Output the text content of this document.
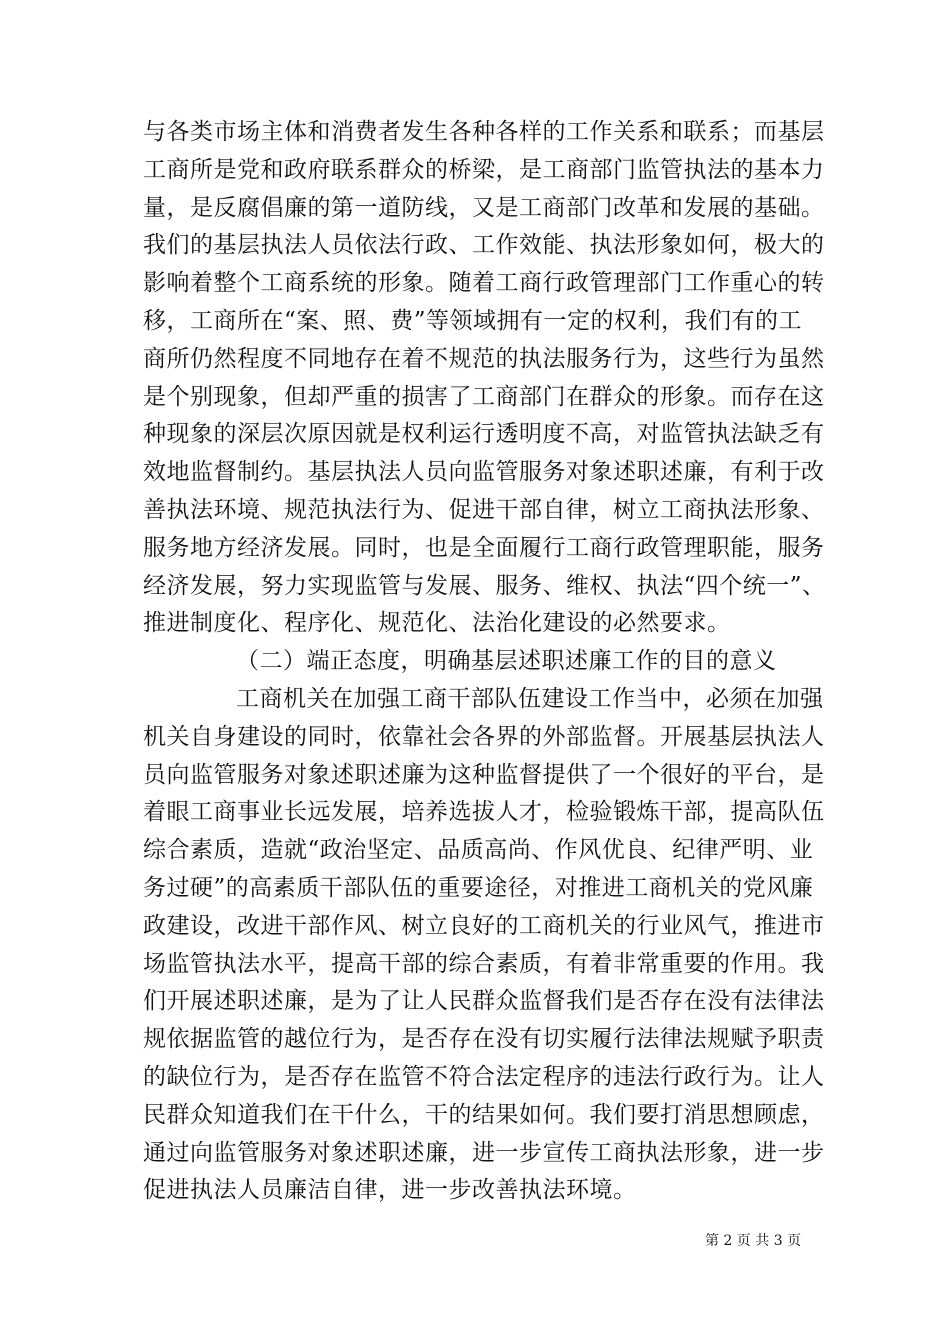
与各类市场主体和消费者发生各种各样的工作关系和联系；而基层
工商所是党和政府联系群众的桥梁，是工商部门监管执法的基本力
量，是反腐倡廉的第一道防线，又是工商部门改革和发展的基础。
我们的基层执法人员依法行政、工作效能、执法形象如何，极大的
影响着整个工商系统的形象。随着工商行政管理部门工作重心的转
移，工商所在“案、照、费”等领域拥有一定的权利，我们有的工
商所仍然程度不同地存在着不规范的执法服务行为，这些行为虽然
是个别现象，但却严重的损害了工商部门在群众的形象。而存在这
种现象的深层次原因就是权利运行透明度不高，对监管执法缺乏有
效地监督制约。基层执法人员向监管服务对象述职述廉，有利于改
善执法环境、规范执法行为、促进干部自律，树立工商执法形象、
服务地方经济发展。同时，也是全面履行工商行政管理职能，服务
经济发展，努力实现监管与发展、服务、维权、执法“四个统一”、
推进制度化、程序化、规范化、法治化建设的必然要求。
（二）端正态度，明确基层述职述廉工作的目的意义
工商机关在加强工商干部队伍建设工作当中，必须在加强
机关自身建设的同时，依靠社会各界的外部监督。开展基层执法人
员向监管服务对象述职述廉为这种监督提供了一个很好的平台，是
着眼工商事业长远发展，培养选拔人才，检验锻炼干部，提高队伍
综合素质，造就“政治坚定、品质高尚、作风优良、纪律严明、业
务过硬”的高素质干部队伍的重要途径，对推进工商机关的党风廉
政建设，改进干部作风、树立良好的工商机关的行业风气，推进市
场监管执法水平，提高干部的综合素质，有着非常重要的作用。我
们开展述职述廉，是为了让人民群众监督我们是否存在没有法律法
规依据监管的越位行为，是否存在没有切实履行法律法规赋予职责
的缺位行为，是否存在监管不符合法定程序的违法行政行为。让人
民群众知道我们在干什么，干的结果如何。我们要打消思想顾虑，
通过向监管服务对象述职述廉，进一步宣传工商执法形象，进一步
促进执法人员廉洁自律，进一步改善执法环境。
第 2 页 共 3 页
